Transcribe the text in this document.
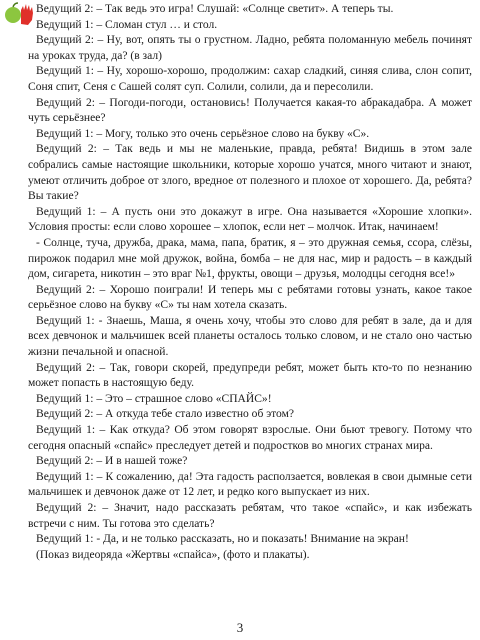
Ведущий 2: – Так ведь это игра! Слушай: «Солнце светит». А теперь ты.

Ведущий 1: – Сломан стул … и стол.

Ведущий 2: – Ну, вот, опять ты о грустном. Ладно, ребята поломанную мебель починят на уроках труда, да? (в зал)

Ведущий 1: – Ну, хорошо-хорошо, продолжим: сахар сладкий, синяя слива, слон сопит, Соня спит, Сеня с Сашей солят суп. Солили, солили, да и пересолили.

Ведущий 2: – Погоди-погоди, остановись! Получается какая-то абракадабра. А может чуть серьёзнее?

Ведущий 1: – Могу, только это очень серьёзное слово на букву «С».

Ведущий 2: – Так ведь и мы не маленькие, правда, ребята! Видишь в этом зале собрались самые настоящие школьники, которые хорошо учатся, много читают и знают, умеют отличить доброе от злого, вредное от полезного и плохое от хорошего. Да, ребята? Вы такие?

Ведущий 1: – А пусть они это докажут в игре. Она называется «Хорошие хлопки». Условия просты: если слово хорошее – хлопок, если нет – молчок. Итак, начинаем!

- Солнце, туча, дружба, драка, мама, папа, братик, я – это дружная семья, ссора, слёзы, пирожок подарил мне мой дружок, война, бомба – не для нас, мир и радость – в каждый дом, сигарета, никотин – это враг №1, фрукты, овощи – друзья, молодцы сегодня все!»

Ведущий 2: – Хорошо поиграли! И теперь мы с ребятами готовы узнать, какое такое серьёзное слово на букву «С» ты нам хотела сказать.

Ведущий 1: - Знаешь, Маша, я очень хочу, чтобы это слово для ребят в зале, да и для всех девчонок и мальчишек всей планеты осталось только словом, и не стало оно частью жизни печальной и опасной.

Ведущий 2: – Так, говори скорей, предупреди ребят, может быть кто-то по незнанию может попасть в настоящую беду.

Ведущий 1: – Это – страшное слово «СПАЙС»!

Ведущий 2: – А откуда тебе стало известно об этом?

Ведущий 1: – Как откуда? Об этом говорят взрослые. Они бьют тревогу. Потому что сегодня опасный «спайс» преследует детей и подростков во многих странах мира.

Ведущий 2: – И в нашей тоже?

Ведущий 1: – К сожалению, да! Эта гадость расползается, вовлекая в свои дымные сети мальчишек и девчонок даже от 12 лет, и редко кого выпускает из них.

Ведущий 2: – Значит, надо рассказать ребятам, что такое «спайс», и как избежать встречи с ним. Ты готова это сделать?

Ведущий 1: - Да, и не только рассказать, но и показать! Внимание на экран!

(Показ видеоряда «Жертвы «спайса», (фото и плакаты).

3
